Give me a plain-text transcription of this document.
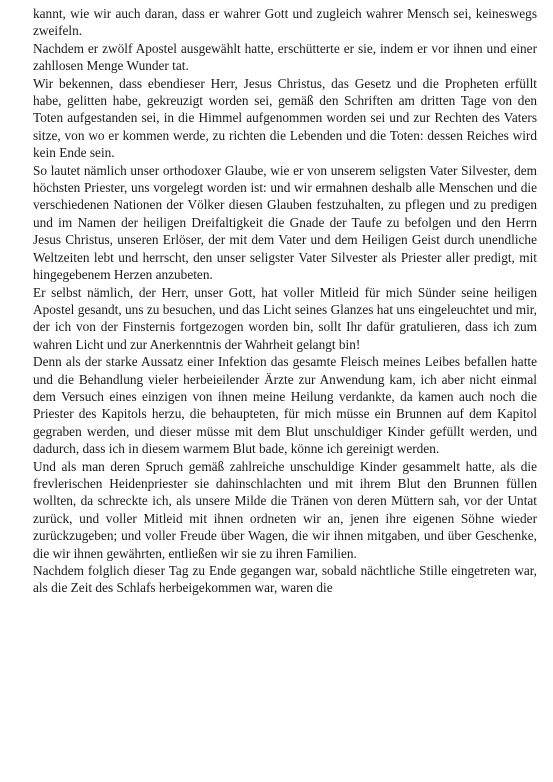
kannt, wie wir auch daran, dass er wahrer Gott und zugleich wahrer Mensch sei, keineswegs zweifeln.

Nachdem er zwölf Apostel ausgewählt hatte, erschütterte er sie, indem er vor ihnen und einer zahllosen Menge Wunder tat.

Wir bekennen, dass ebendieser Herr, Jesus Christus, das Gesetz und die Propheten erfüllt habe, gelitten habe, gekreuzigt worden sei, gemäß den Schriften am dritten Tage von den Toten aufgestanden sei, in die Himmel aufgenommen worden sei und zur Rechten des Vaters sitze, von wo er kommen werde, zu richten die Lebenden und die Toten: dessen Reiches wird kein Ende sein.

So lautet nämlich unser orthodoxer Glaube, wie er von unserem seligsten Vater Silvester, dem höchsten Priester, uns vorgelegt worden ist: und wir ermahnen deshalb alle Menschen und die verschiedenen Nationen der Völker diesen Glauben festzuhalten, zu pflegen und zu predigen und im Namen der heiligen Dreifaltigkeit die Gnade der Taufe zu befolgen und den Herrn Jesus Christus, unseren Erlöser, der mit dem Vater und dem Heiligen Geist durch unendliche Weltzeiten lebt und herrscht, den unser seligster Vater Silvester als Priester aller predigt, mit hingegebenem Herzen anzubeten.

Er selbst nämlich, der Herr, unser Gott, hat voller Mitleid für mich Sünder seine heiligen Apostel gesandt, uns zu besuchen, und das Licht seines Glanzes hat uns eingeleuchtet und mir, der ich von der Finsternis fortgezogen worden bin, sollt Ihr dafür gratulieren, dass ich zum wahren Licht und zur Anerkenntnis der Wahrheit gelangt bin!

Denn als der starke Aussatz einer Infektion das gesamte Fleisch meines Leibes befallen hatte und die Behandlung vieler herbeieilender Ärzte zur Anwendung kam, ich aber nicht einmal dem Versuch eines einzigen von ihnen meine Heilung verdankte, da kamen auch noch die Priester des Kapitols herzu, die behaupteten, für mich müsse ein Brunnen auf dem Kapitol gegraben werden, und dieser müsse mit dem Blut unschuldiger Kinder gefüllt werden, und dadurch, dass ich in diesem warmem Blut bade, könne ich gereinigt werden.

Und als man deren Spruch gemäß zahlreiche unschuldige Kinder gesammelt hatte, als die frevlerischen Heidenpriester sie dahinschlachten und mit ihrem Blut den Brunnen füllen wollten, da schreckte ich, als unsere Milde die Tränen von deren Müttern sah, vor der Untat zurück, und voller Mitleid mit ihnen ordneten wir an, jenen ihre eigenen Söhne wieder zurückzugeben; und voller Freude über Wagen, die wir ihnen mitgaben, und über Geschenke, die wir ihnen gewährten, entließen wir sie zu ihren Familien.

Nachdem folglich dieser Tag zu Ende gegangen war, sobald nächtliche Stille eingetreten war, als die Zeit des Schlafs herbeigekommen war, waren die
